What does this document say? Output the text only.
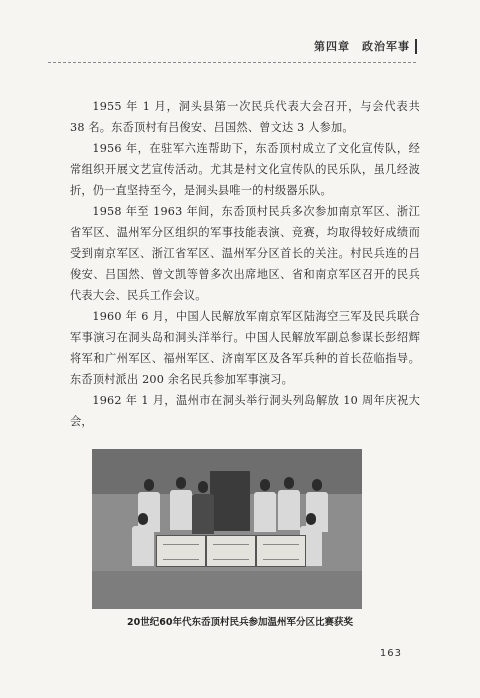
第四章　政治军事

1955 年 1 月，洞头县第一次民兵代表大会召开，与会代表共 38 名。东岙顶村有吕俊安、吕国然、曾文达 3 人参加。

1956 年，在驻军六连帮助下，东岙顶村成立了文化宣传队，经常组织开展文艺宣传活动。尤其是村文化宣传队的民乐队，虽几经波折，仍一直坚持至今，是洞头县唯一的村级器乐队。

1958 年至 1963 年间，东岙顶村民兵多次参加南京军区、浙江省军区、温州军分区组织的军事技能表演、竞赛，均取得较好成绩而受到南京军区、浙江省军区、温州军分区首长的关注。村民兵连的吕俊安、吕国然、曾文凯等曾多次出席地区、省和南京军区召开的民兵代表大会、民兵工作会议。

1960 年 6 月，中国人民解放军南京军区陆海空三军及民兵联合军事演习在洞头岛和洞头洋举行。中国人民解放军副总参谋长彭绍辉将军和广州军区、福州军区、济南军区及各军兵种的首长莅临指导。东岙顶村派出 200 余名民兵参加军事演习。

1962 年 1 月，温州市在洞头举行洞头列岛解放 10 周年庆祝大会，

20世纪60年代东岙顶村民兵参加温州军分区比赛获奖
163
